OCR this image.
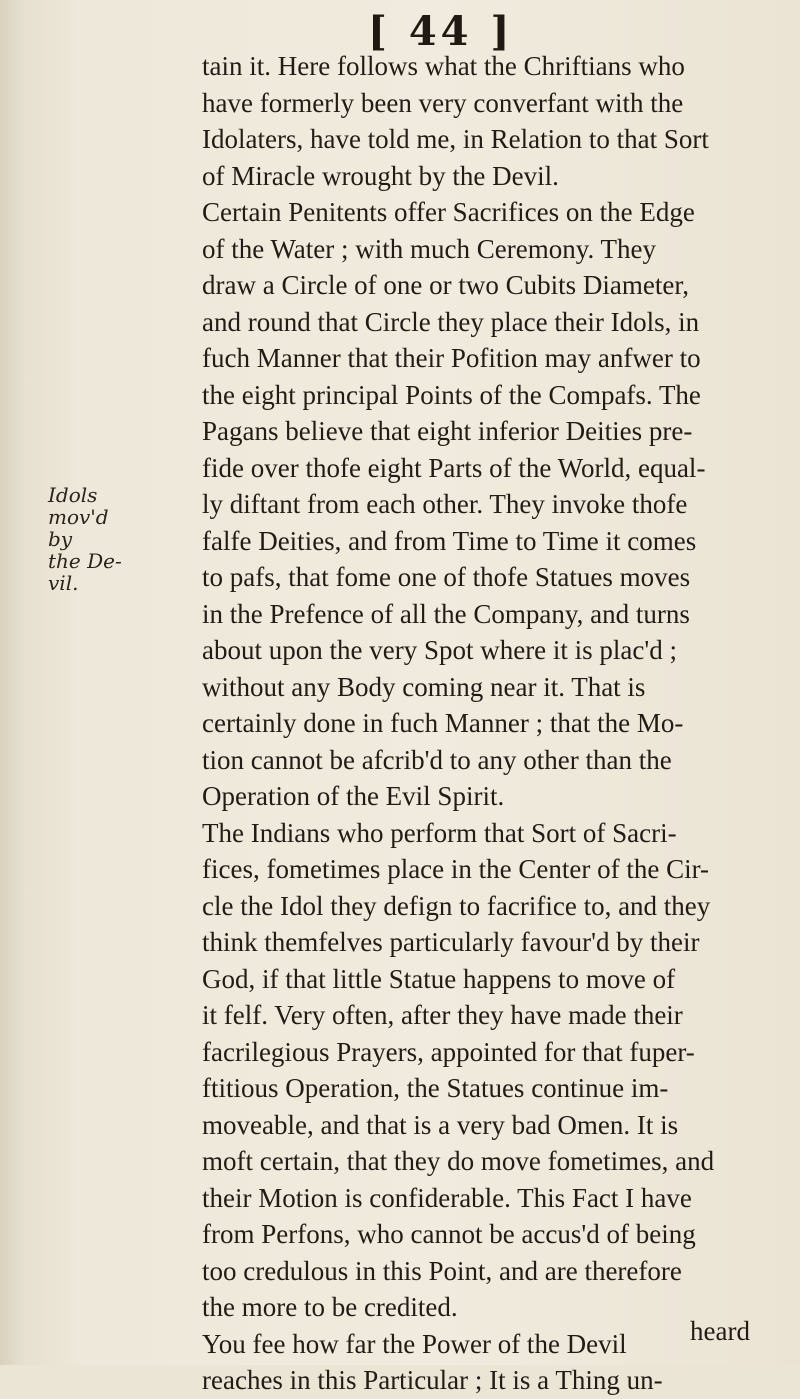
[ 44 ]
Idols
mov'd by
the De-
vil.
tain it. Here follows what the Chriftians who
have formerly been very converfant with the
Idolaters, have told me, in Relation to that Sort
of Miracle wrought by the Devil.
Certain Penitents offer Sacrifices on the Edge
of the Water ; with much Ceremony. They
draw a Circle of one or two Cubits Diameter,
and round that Circle they place their Idols, in
fuch Manner that their Pofition may anfwer to
the eight principal Points of the Compafs. The
Pagans believe that eight inferior Deities pre-
fide over thofe eight Parts of the World, equal-
ly diftant from each other. They invoke thofe
falfe Deities, and from Time to Time it comes
to pafs, that fome one of thofe Statues moves
in the Prefence of all the Company, and turns
about upon the very Spot where it is plac'd ;
without any Body coming near it. That is
certainly done in fuch Manner ; that the Mo-
tion cannot be afcrib'd to any other than the
Operation of the Evil Spirit.
The Indians who perform that Sort of Sacri-
fices, fometimes place in the Center of the Cir-
cle the Idol they defign to facrifice to, and they
think themfelves particularly favour'd by their
God, if that little Statue happens to move of
it felf. Very often, after they have made their
facrilegious Prayers, appointed for that fuper-
ftitious Operation, the Statues continue im-
moveable, and that is a very bad Omen. It is
moft certain, that they do move fometimes, and
their Motion is confiderable. This Fact I have
from Perfons, who cannot be accus'd of being
too credulous in this Point, and are therefore
the more to be credited.
You fee how far the Power of the Devil
reaches in this Particular ; It is a Thing un-
heard
